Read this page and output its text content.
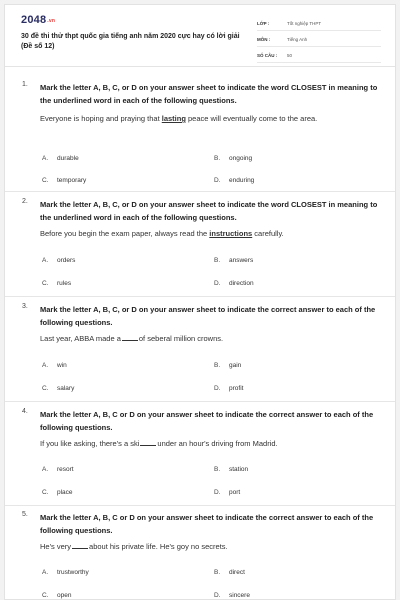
2048.vn
30 đề thi thử thpt quốc gia tiếng anh năm 2020 cực hay có lời giải (Đề số 12)
LỚP :	Tốt nghiệp THPT
MÔN :	Tiếng Anh
SỐ CÂU :	50
1. Mark the letter A, B, C, or D on your answer sheet to indicate the word CLOSEST in meaning to the underlined word in each of the following questions.
Everyone is hoping and praying that lasting peace will eventually come to the area.
A.	durable	B.	ongoing
C.	temporary	D.	enduring
2. Mark the letter A, B, C, or D on your answer sheet to indicate the word CLOSEST in meaning to the underlined word in each of the following questions.
Before you begin the exam paper, always read the instructions carefully.
A.	orders	B.	answers
C.	rules	D.	direction
3. Mark the letter A, B, C, or D on your answer sheet to indicate the correct answer to each of the following questions.
Last year, ABBA made a of seberal million crowns.
A.	win	B.	gain
C.	salary	D.	profit
4. Mark the letter A, B, C or D on your answer sheet to indicate the correct answer to each of the following questions.
If you like asking, there's a ski under an hour's driving from Madrid.
A.	resort	B.	station
C.	place	D.	port
5. Mark the letter A, B, C or D on your answer sheet to indicate the correct answer to each of the following questions.
He's very about his private life. He's goy no secrets.
A.	trustworthy	B.	direct
C.	open	D.	sincere
